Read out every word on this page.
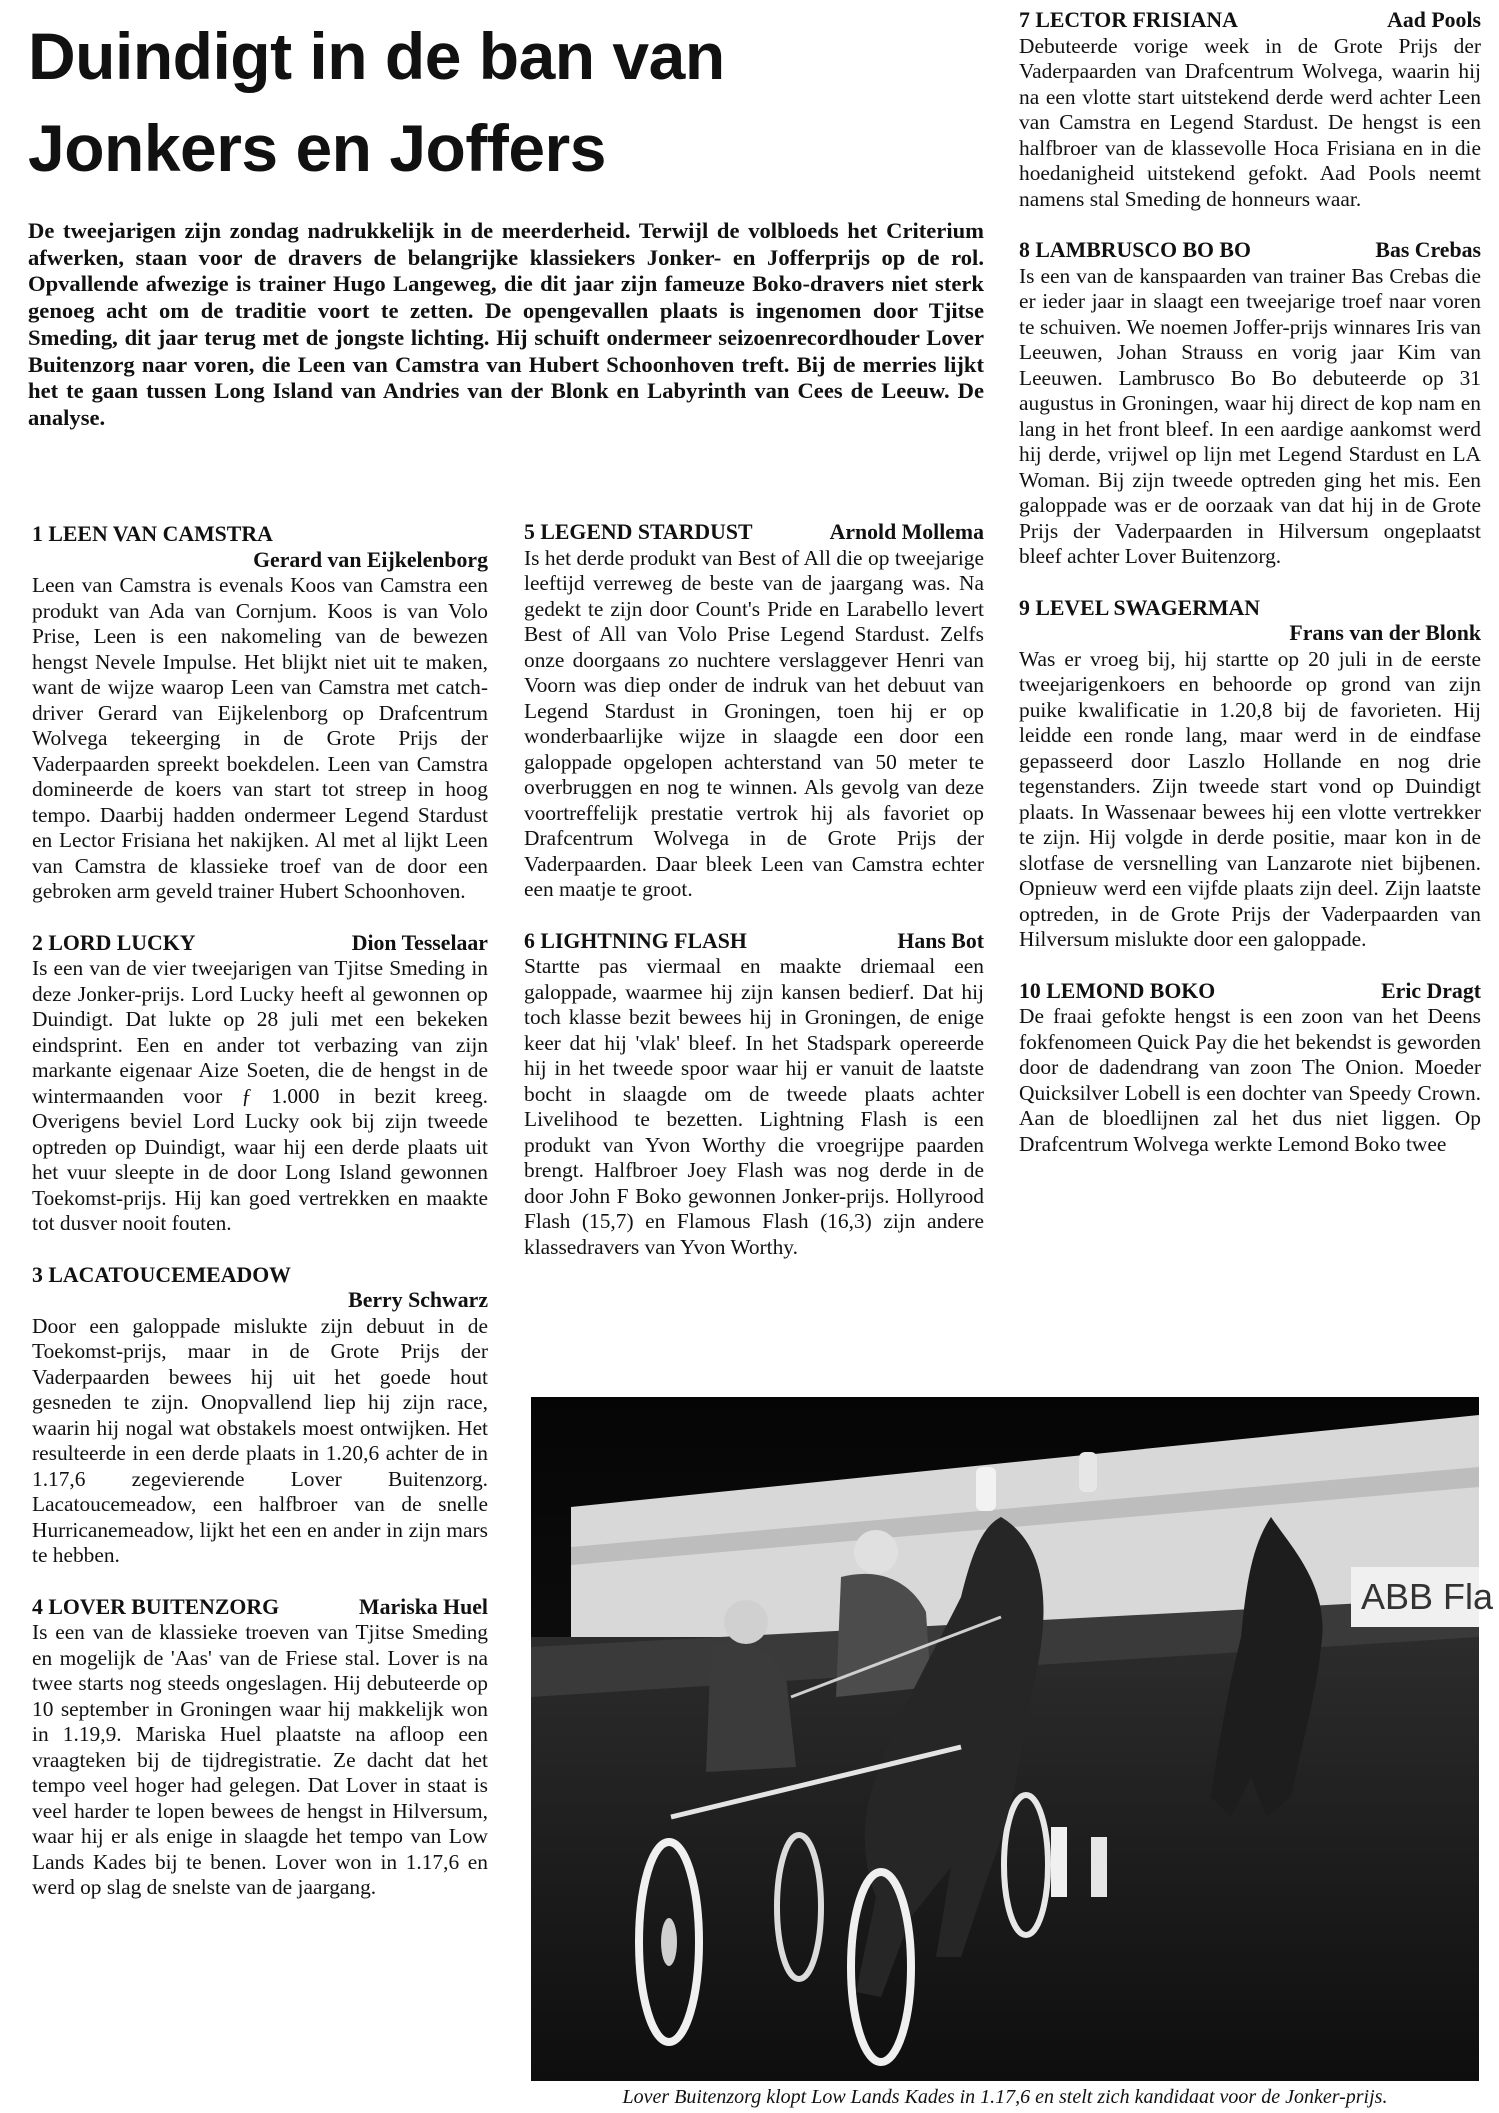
Duindigt in de ban van
Jonkers en Joffers

De tweejarigen zijn zondag nadrukkelijk in de meerderheid. Terwijl de volbloeds het Criterium afwerken, staan voor de dravers de belangrijke klassiekers Jonker- en Jofferprijs op de rol. Opvallende afwezige is trainer Hugo Langeweg, die dit jaar zijn fameuze Boko-dravers niet sterk genoeg acht om de traditie voort te zetten. De opengevallen plaats is ingenomen door Tjitse Smeding, dit jaar terug met de jongste lichting. Hij schuift ondermeer seizoenrecordhouder Lover Buitenzorg naar voren, die Leen van Camstra van Hubert Schoonhoven treft. Bij de merries lijkt het te gaan tussen Long Island van Andries van der Blonk en Labyrinth van Cees de Leeuw. De analyse.

1 LEEN VAN CAMSTRA
Gerard van Eijkelenborg

Leen van Camstra is evenals Koos van Camstra een produkt van Ada van Cornjum. Koos is van Volo Prise, Leen is een nakomeling van de bewezen hengst Nevele Impulse. Het blijkt niet uit te maken, want de wijze waarop Leen van Camstra met catch-driver Gerard van Eijkelenborg op Drafcentrum Wolvega tekeerging in de Grote Prijs der Vaderpaarden spreekt boekdelen. Leen van Camstra domineerde de koers van start tot streep in hoog tempo. Daarbij hadden ondermeer Legend Stardust en Lector Frisiana het nakijken. Al met al lijkt Leen van Camstra de klassieke troef van de door een gebroken arm geveld trainer Hubert Schoonhoven.

2 LORD LUCKY	Dion Tesselaar

Is een van de vier tweejarigen van Tjitse Smeding in deze Jonker-prijs. Lord Lucky heeft al gewonnen op Duindigt. Dat lukte op 28 juli met een bekeken eindsprint. Een en ander tot verbazing van zijn markante eigenaar Aize Soeten, die de hengst in de wintermaanden voor ƒ 1.000 in bezit kreeg. Overigens beviel Lord Lucky ook bij zijn tweede optreden op Duindigt, waar hij een derde plaats uit het vuur sleepte in de door Long Island gewonnen Toekomst-prijs. Hij kan goed vertrekken en maakte tot dusver nooit fouten.

3 LACATOUCEMEADOW
Berry Schwarz

Door een galoppade mislukte zijn debuut in de Toekomst-prijs, maar in de Grote Prijs der Vaderpaarden bewees hij uit het goede hout gesneden te zijn. Onopvallend liep hij zijn race, waarin hij nogal wat obstakels moest ontwijken. Het resulteerde in een derde plaats in 1.20,6 achter de in 1.17,6 zegevierende Lover Buitenzorg. Lacatoucemeadow, een halfbroer van de snelle Hurricanemeadow, lijkt het een en ander in zijn mars te hebben.

4 LOVER BUITENZORG	Mariska Huel

Is een van de klassieke troeven van Tjitse Smeding en mogelijk de 'Aas' van de Friese stal. Lover is na twee starts nog steeds ongeslagen. Hij debuteerde op 10 september in Groningen waar hij makkelijk won in 1.19,9. Mariska Huel plaatste na afloop een vraagteken bij de tijdregistratie. Ze dacht dat het tempo veel hoger had gelegen. Dat Lover in staat is veel harder te lopen bewees de hengst in Hilversum, waar hij er als enige in slaagde het tempo van Low Lands Kades bij te benen. Lover won in 1.17,6 en werd op slag de snelste van de jaargang.

5 LEGEND STARDUST	Arnold Mollema

Is het derde produkt van Best of All die op tweejarige leeftijd verreweg de beste van de jaargang was. Na gedekt te zijn door Count's Pride en Larabello levert Best of All van Volo Prise Legend Stardust. Zelfs onze doorgaans zo nuchtere verslaggever Henri van Voorn was diep onder de indruk van het debuut van Legend Stardust in Groningen, toen hij er op wonderbaarlijke wijze in slaagde een door een galoppade opgelopen achterstand van 50 meter te overbruggen en nog te winnen. Als gevolg van deze voortreffelijk prestatie vertrok hij als favoriet op Drafcentrum Wolvega in de Grote Prijs der Vaderpaarden. Daar bleek Leen van Camstra echter een maatje te groot.

6 LIGHTNING FLASH	Hans Bot

Startte pas viermaal en maakte driemaal een galoppade, waarmee hij zijn kansen bedierf. Dat hij toch klasse bezit bewees hij in Groningen, de enige keer dat hij 'vlak' bleef. In het Stadspark opereerde hij in het tweede spoor waar hij er vanuit de laatste bocht in slaagde om de tweede plaats achter Livelihood te bezetten. Lightning Flash is een produkt van Yvon Worthy die vroegrijpe paarden brengt. Halfbroer Joey Flash was nog derde in de door John F Boko gewonnen Jonker-prijs. Hollyrood Flash (15,7) en Flamous Flash (16,3) zijn andere klassedravers van Yvon Worthy.

7 LECTOR FRISIANA	Aad Pools

Debuteerde vorige week in de Grote Prijs der Vaderpaarden van Drafcentrum Wolvega, waarin hij na een vlotte start uitstekend derde werd achter Leen van Camstra en Legend Stardust. De hengst is een halfbroer van de klassevolle Hoca Frisiana en in die hoedanigheid uitstekend gefokt. Aad Pools neemt namens stal Smeding de honneurs waar.

8 LAMBRUSCO BO BO	Bas Crebas

Is een van de kanspaarden van trainer Bas Crebas die er ieder jaar in slaagt een tweejarige troef naar voren te schuiven. We noemen Joffer-prijs winnares Iris van Leeuwen, Johan Strauss en vorig jaar Kim van Leeuwen. Lambrusco Bo Bo debuteerde op 31 augustus in Groningen, waar hij direct de kop nam en lang in het front bleef. In een aardige aankomst werd hij derde, vrijwel op lijn met Legend Stardust en LA Woman. Bij zijn tweede optreden ging het mis. Een galoppade was er de oorzaak van dat hij in de Grote Prijs der Vaderpaarden in Hilversum ongeplaatst bleef achter Lover Buitenzorg.

9 LEVEL SWAGERMAN
Frans van der Blonk

Was er vroeg bij, hij startte op 20 juli in de eerste tweejarigenkoers en behoorde op grond van zijn puike kwalificatie in 1.20,8 bij de favorieten. Hij leidde een ronde lang, maar werd in de eindfase gepasseerd door Laszlo Hollande en nog drie tegenstanders. Zijn tweede start vond op Duindigt plaats. In Wassenaar bewees hij een vlotte vertrekker te zijn. Hij volgde in derde positie, maar kon in de slotfase de versnelling van Lanzarote niet bijbenen. Opnieuw werd een vijfde plaats zijn deel. Zijn laatste optreden, in de Grote Prijs der Vaderpaarden van Hilversum mislukte door een galoppade.

10 LEMOND BOKO	Eric Dragt

De fraai gefokte hengst is een zoon van het Deens fokfenomeen Quick Pay die het bekendst is geworden door de dadendrang van zoon The Onion. Moeder Quicksilver Lobell is een dochter van Speedy Crown. Aan de bloedlijnen zal het dus niet liggen. Op Drafcentrum Wolvega werkte Lemond Boko twee

ABB Fla
Lover Buitenzorg klopt Low Lands Kades in 1.17,6 en stelt zich kandidaat voor de Jonker-prijs.
